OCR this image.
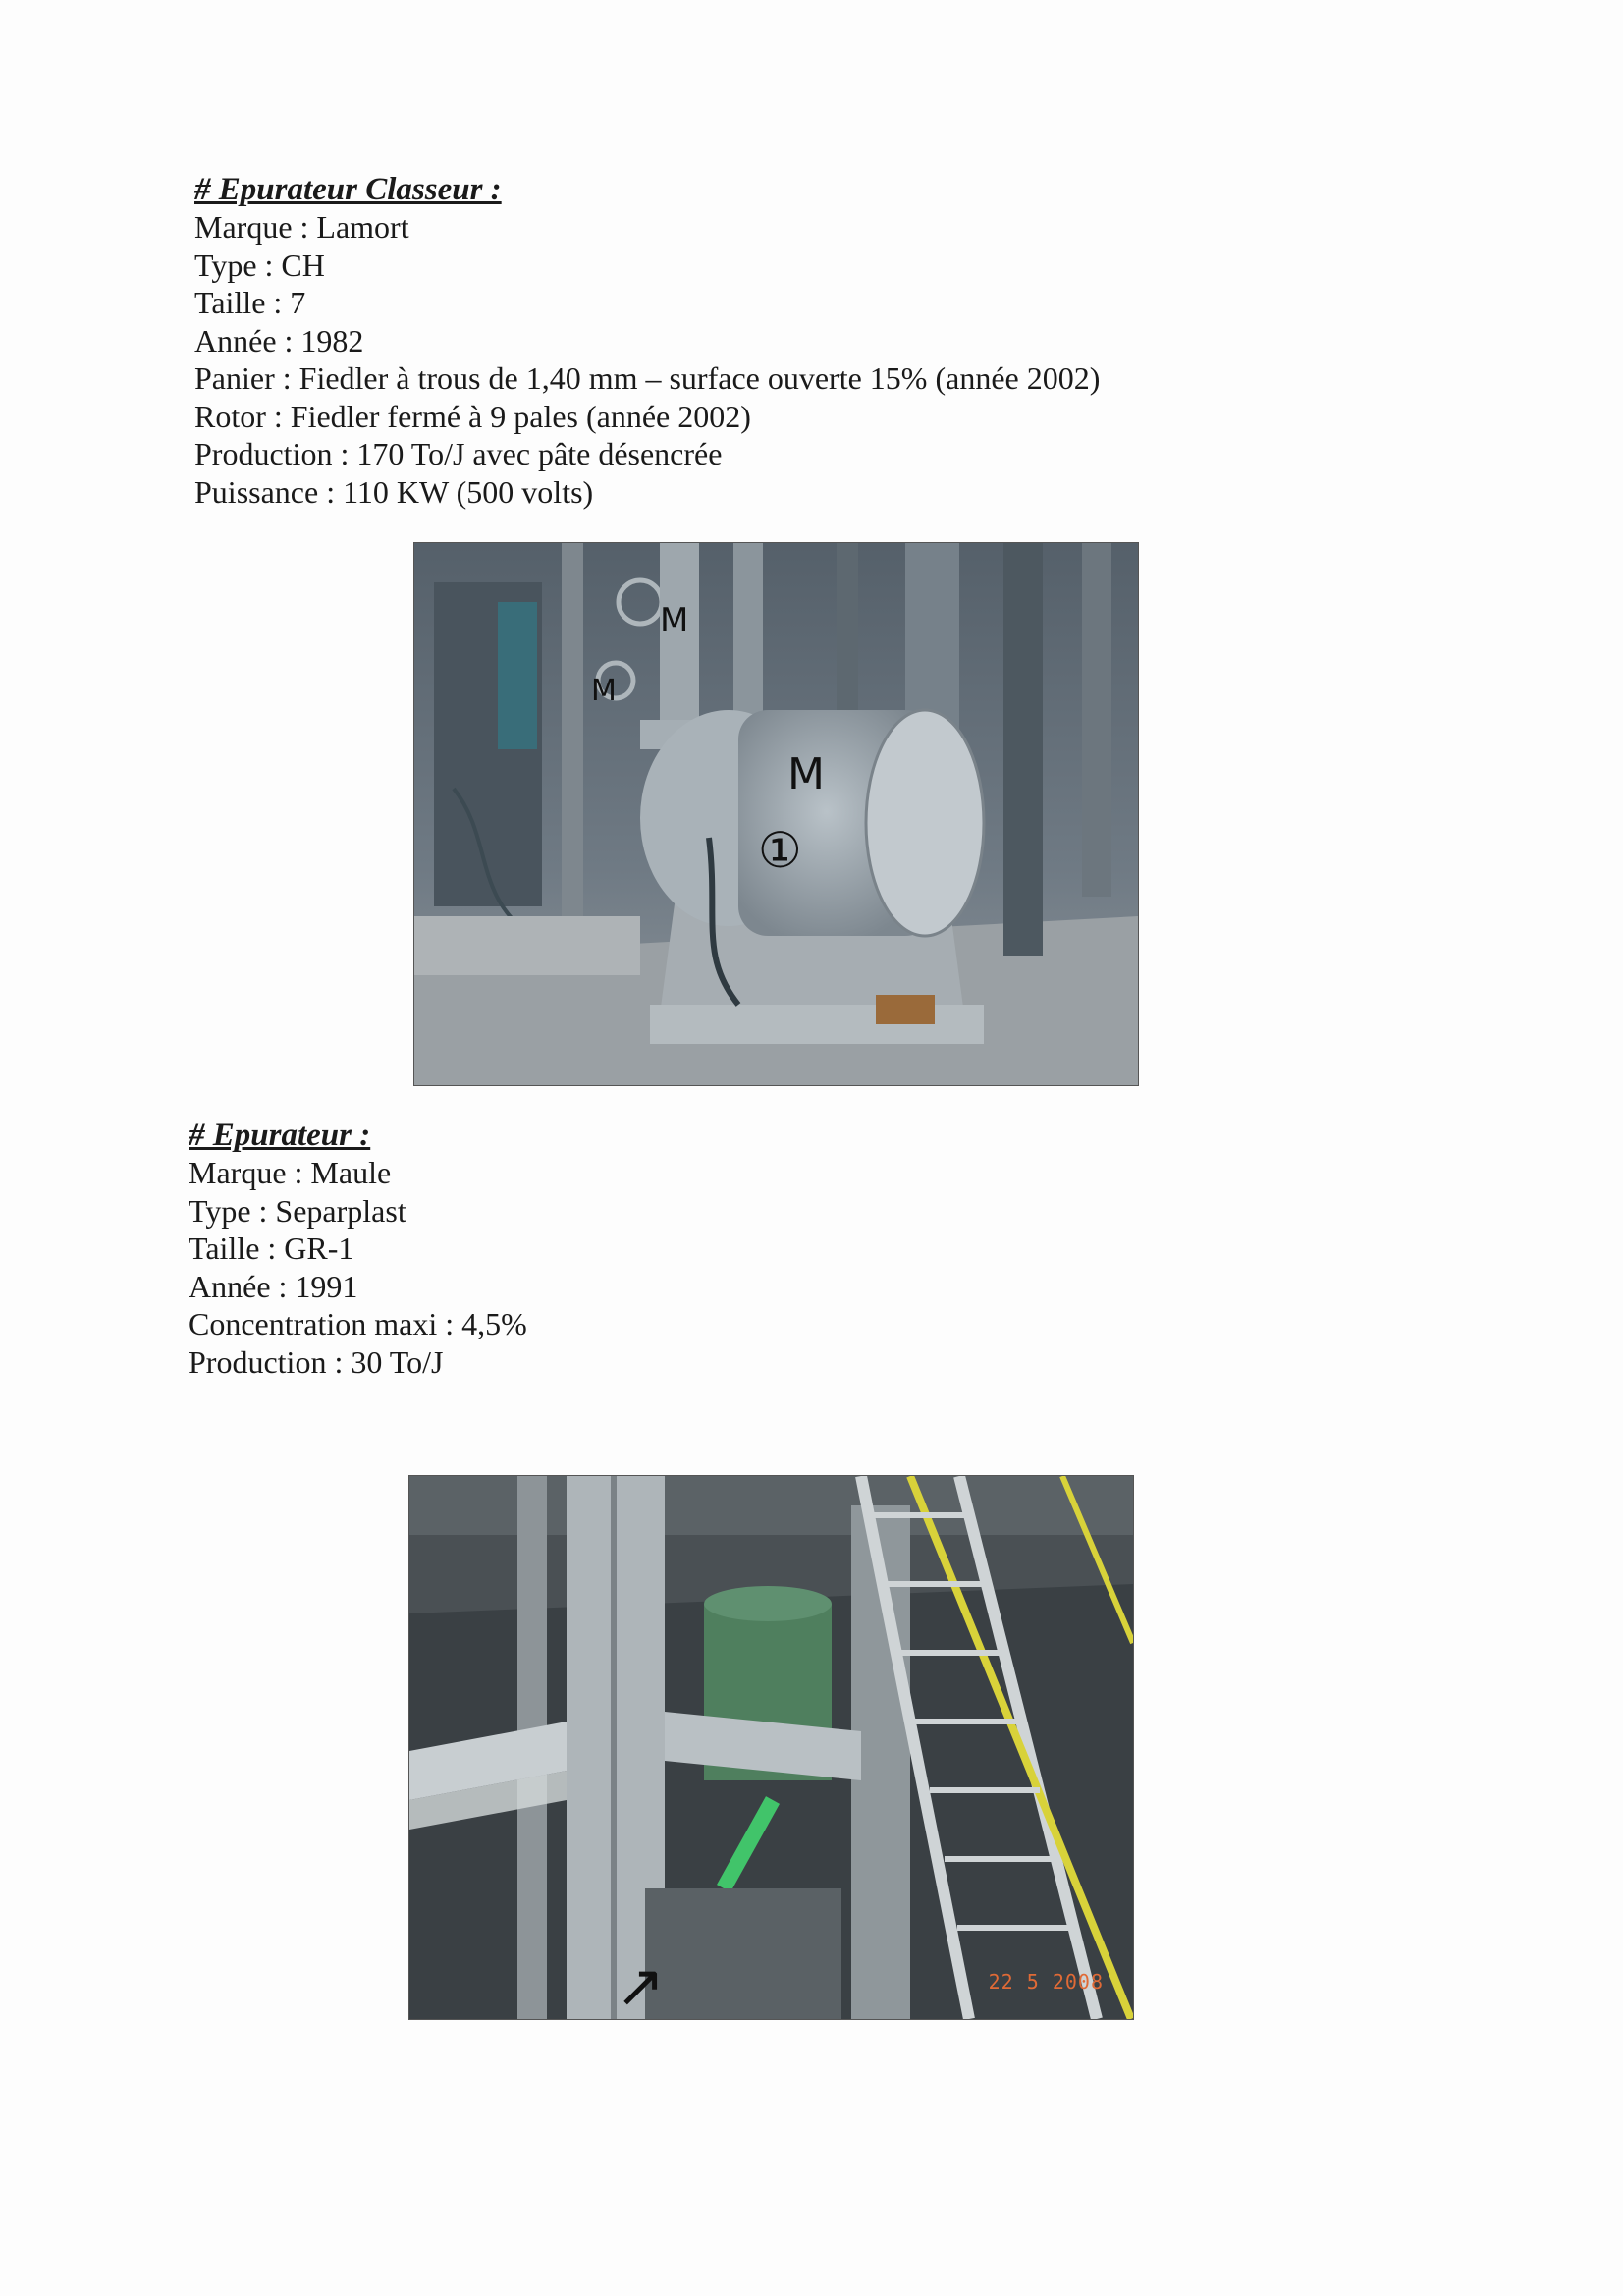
# Epurateur Classeur :
Marque : Lamort
Type : CH
Taille : 7
Année : 1982
Panier : Fiedler à trous de 1,40 mm – surface ouverte 15% (année 2002)
Rotor : Fiedler fermé à 9 pales (année 2002)
Production : 170 To/J avec pâte désencrée
Puissance : 110 KW (500 volts)
M
①
M
M
# Epurateur :
Marque : Maule
Type : Separplast
Taille : GR-1
Année : 1991
Concentration maxi : 4,5%
Production : 30 To/J
↗	22 5 2008
